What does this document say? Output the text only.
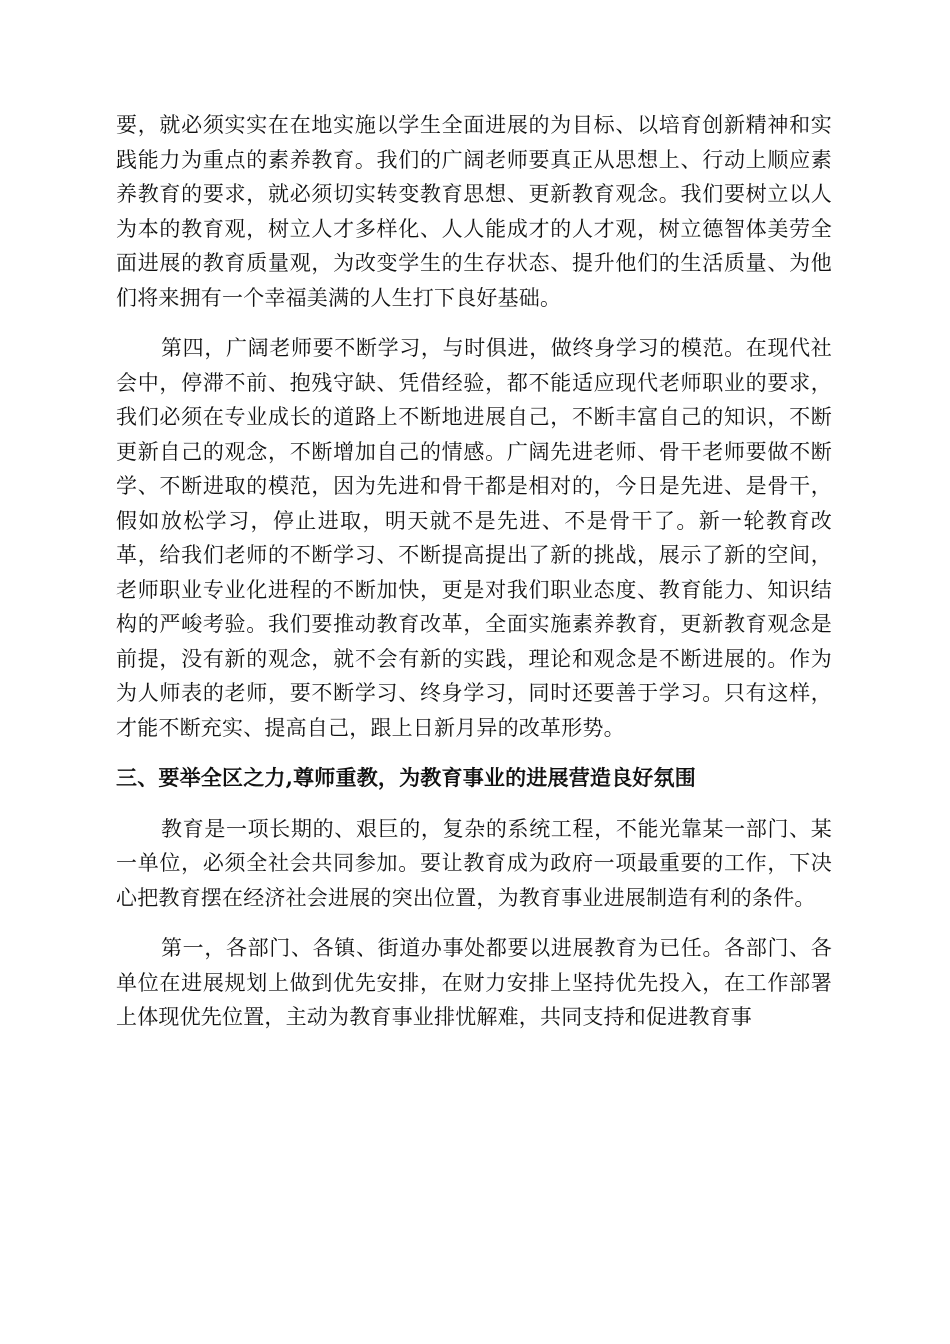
要，就必须实实在在地实施以学生全面进展的为目标、以培育创新精神和实践能力为重点的素养教育。我们的广阔老师要真正从思想上、行动上顺应素养教育的要求，就必须切实转变教育思想、更新教育观念。我们要树立以人为本的教育观，树立人才多样化、人人能成才的人才观，树立德智体美劳全面进展的教育质量观，为改变学生的生存状态、提升他们的生活质量、为他们将来拥有一个幸福美满的人生打下良好基础。

第四，广阔老师要不断学习，与时俱进，做终身学习的模范。在现代社会中，停滞不前、抱残守缺、凭借经验，都不能适应现代老师职业的要求，我们必须在专业成长的道路上不断地进展自己，不断丰富自己的知识，不断更新自己的观念，不断增加自己的情感。广阔先进老师、骨干老师要做不断学、不断进取的模范，因为先进和骨干都是相对的，今日是先进、是骨干，假如放松学习，停止进取，明天就不是先进、不是骨干了。新一轮教育改革，给我们老师的不断学习、不断提高提出了新的挑战，展示了新的空间，老师职业专业化进程的不断加快，更是对我们职业态度、教育能力、知识结构的严峻考验。我们要推动教育改革，全面实施素养教育，更新教育观念是前提，没有新的观念，就不会有新的实践，理论和观念是不断进展的。作为为人师表的老师，要不断学习、终身学习，同时还要善于学习。只有这样，才能不断充实、提高自己，跟上日新月异的改革形势。

三、要举全区之力,尊师重教，为教育事业的进展营造良好氛围

教育是一项长期的、艰巨的，复杂的系统工程，不能光靠某一部门、某一单位，必须全社会共同参加。要让教育成为政府一项最重要的工作，下决心把教育摆在经济社会进展的突出位置，为教育事业进展制造有利的条件。

第一，各部门、各镇、街道办事处都要以进展教育为已任。各部门、各单位在进展规划上做到优先安排，在财力安排上坚持优先投入，在工作部署上体现优先位置，主动为教育事业排忧解难，共同支持和促进教育事
